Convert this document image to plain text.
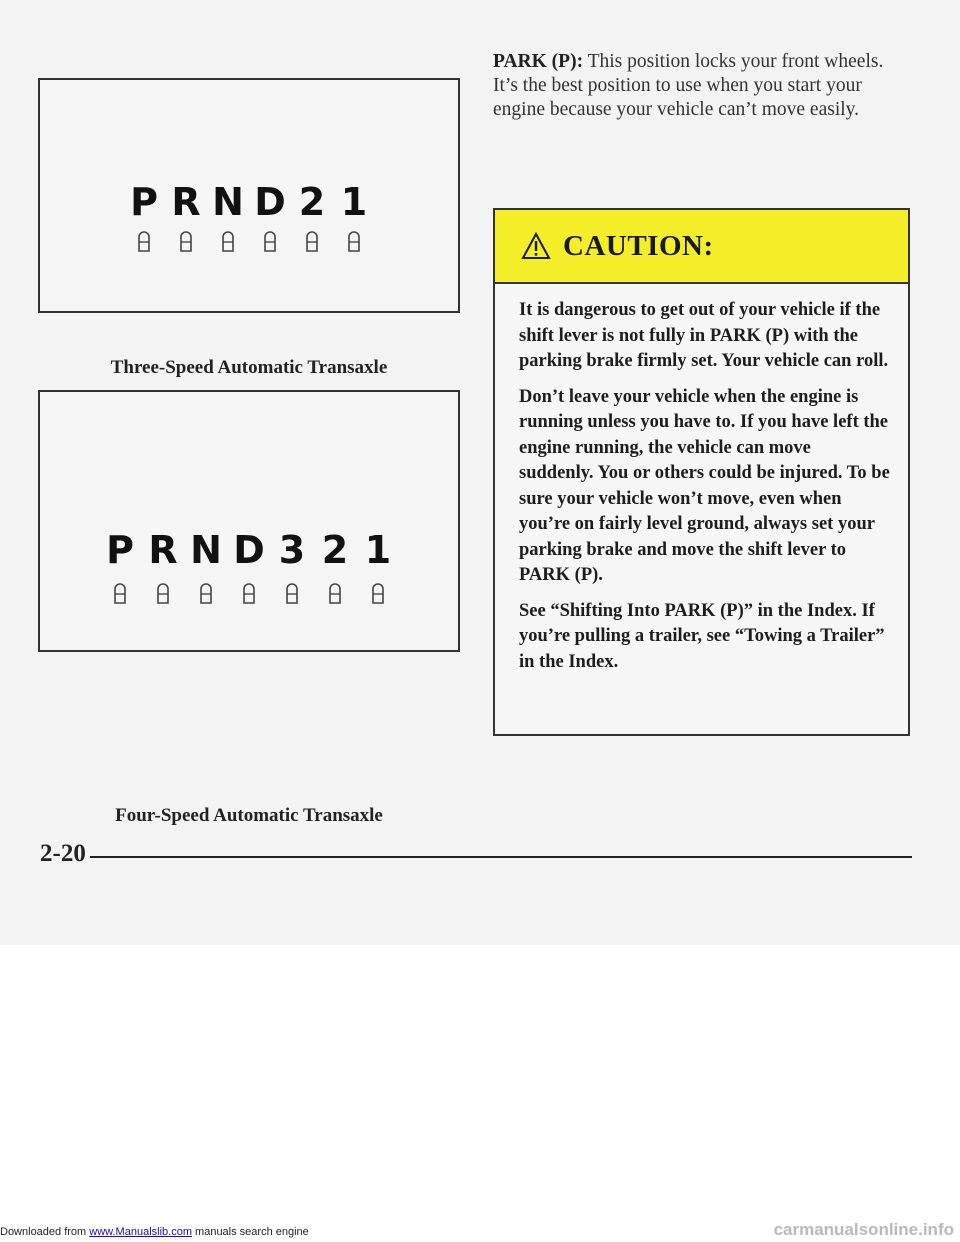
P R N D 2 1
Three-Speed Automatic Transaxle
P R N D 3 2 1
Four-Speed Automatic Transaxle
PARK (P): This position locks your front wheels. It’s the best position to use when you start your engine because your vehicle can’t move easily.
CAUTION:

It is dangerous to get out of your vehicle if the shift lever is not fully in PARK (P) with the parking brake firmly set. Your vehicle can roll.

Don’t leave your vehicle when the engine is running unless you have to. If you have left the engine running, the vehicle can move suddenly. You or others could be injured. To be sure your vehicle won’t move, even when you’re on fairly level ground, always set your parking brake and move the shift lever to PARK (P).

See “Shifting Into PARK (P)” in the Index. If you’re pulling a trailer, see “Towing a Trailer” in the Index.

2-20
Downloaded from www.Manualslib.com manuals search engine	carmanualsonline.info
